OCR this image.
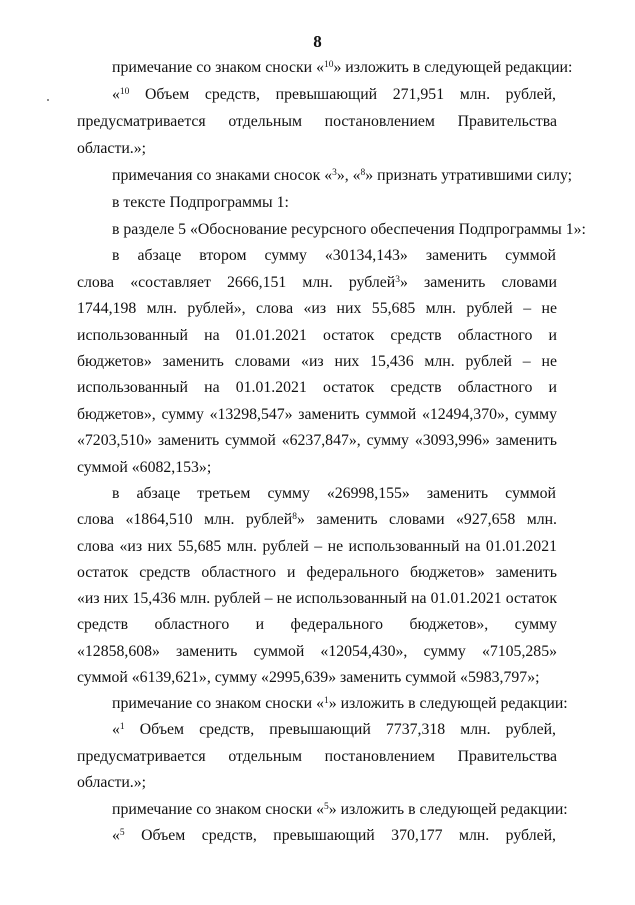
8
примечание со знаком сноски «$^{10}$» изложить в следующей редакции:
«$^{10}$ Объем средств, превышающий 271,951 млн. рублей,
предусматривается отдельным постановлением Правительства
области.»;
примечания со знаками сносок «$^3$», «$^8$» признать утратившими силу;
в тексте Подпрограммы 1:
в разделе 5 «Обоснование ресурсного обеспечения Подпрограммы 1»:
в абзаце втором сумму «30134,143» заменить суммой
слова «составляет 2666,151 млн. рублей$^3$» заменить словами
1744,198 млн. рублей», слова «из них 55,685 млн. рублей – не
использованный на 01.01.2021 остаток средств областного и
бюджетов» заменить словами «из них 15,436 млн. рублей – не
использованный на 01.01.2021 остаток средств областного и
бюджетов», сумму «13298,547» заменить суммой «12494,370», сумму
«7203,510» заменить суммой «6237,847», сумму «3093,996» заменить
суммой «6082,153»;
в абзаце третьем сумму «26998,155» заменить суммой
слова «1864,510 млн. рублей$^8$» заменить словами «927,658 млн.
слова «из них 55,685 млн. рублей – не использованный на 01.01.2021
остаток средств областного и федерального бюджетов» заменить
«из них 15,436 млн. рублей – не использованный на 01.01.2021 остаток
средств областного и федерального бюджетов», сумму
«12858,608» заменить суммой «12054,430», сумму «7105,285»
суммой «6139,621», сумму «2995,639» заменить суммой «5983,797»;
примечание со знаком сноски «$^1$» изложить в следующей редакции:
«$^1$ Объем средств, превышающий 7737,318 млн. рублей,
предусматривается отдельным постановлением Правительства
области.»;
примечание со знаком сноски «$^5$» изложить в следующей редакции:
«$^5$ Объем средств, превышающий 370,177 млн. рублей,
